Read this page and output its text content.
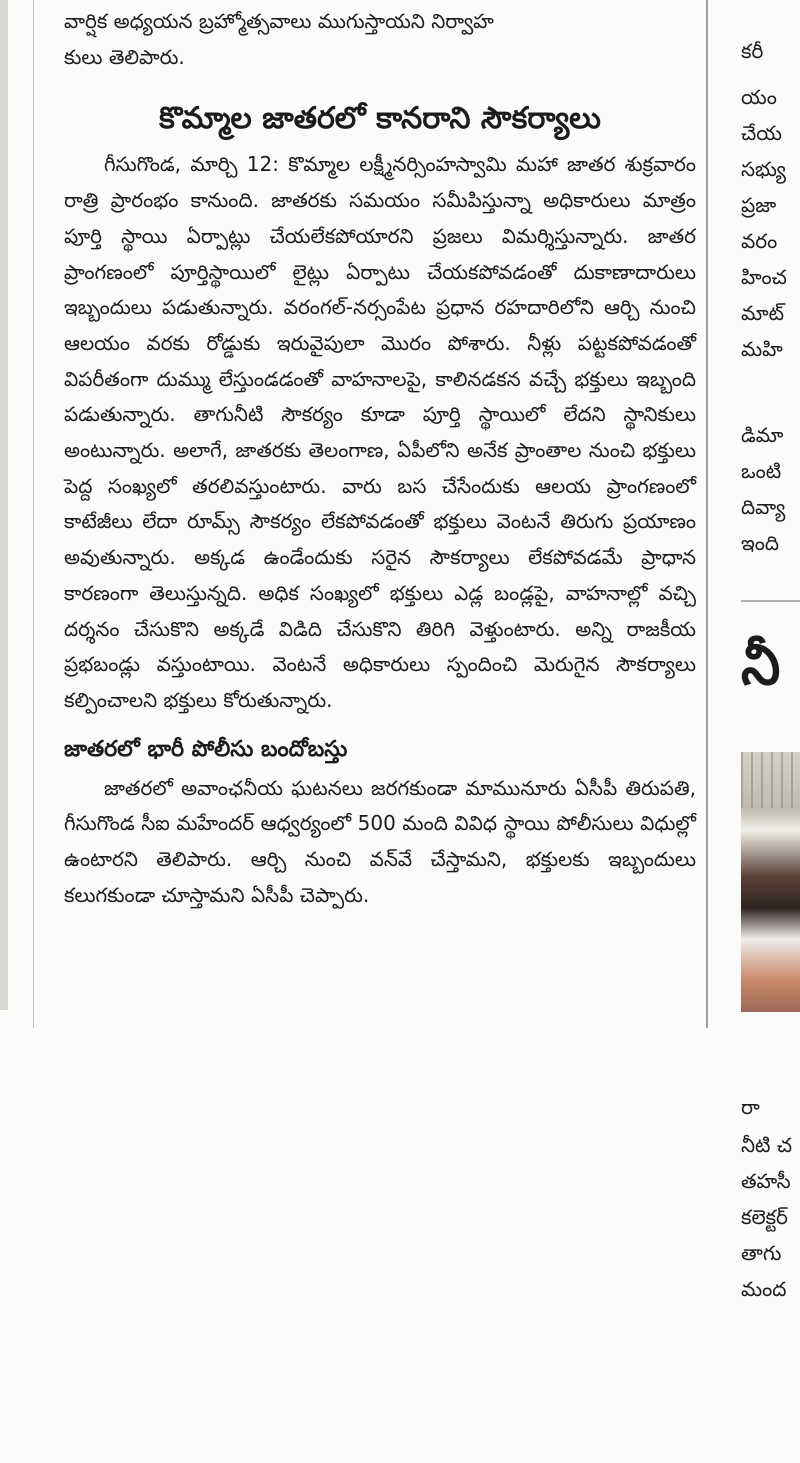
వార్షిక అధ్యయన బ్రహ్మోత్సవాలు ముగుస్తాయని నిర్వాహ

కులు తెలిపారు.

కొమ్మాల జాతరలో కానరాని సౌకర్యాలు

గీసుగొండ, మార్చి 12: కొమ్మాల లక్ష్మీనర్సింహస్వామి మహా జాతర శుక్రవారం రాత్రి ప్రారంభం కానుంది. జాతరకు సమయం సమీపిస్తున్నా అధికారులు మాత్రం పూర్తి స్థాయి ఏర్పాట్లు చేయలేకపోయారని ప్రజలు విమర్శిస్తున్నారు. జాతర ప్రాంగణంలో పూర్తిస్థాయిలో లైట్లు ఏర్పాటు చేయకపోవడంతో దుకాణాదారులు ఇబ్బందులు పడుతున్నారు. వరంగల్-నర్సంపేట ప్రధాన రహదారిలోని ఆర్చి నుంచి ఆలయం వరకు రోడ్డుకు ఇరువైపులా మొరం పోశారు. నీళ్లు పట్టకపోవడంతో విపరీతంగా దుమ్ము లేస్తుండడంతో వాహనాలపై, కాలినడకన వచ్చే భక్తులు ఇబ్బంది పడుతున్నారు. తాగునీటి సౌకర్యం కూడా పూర్తి స్థాయిలో లేదని స్థానికులు అంటున్నారు. అలాగే, జాతరకు తెలంగాణ, ఏపీలోని అనేక ప్రాంతాల నుంచి భక్తులు పెద్ద సంఖ్యలో తరలివస్తుంటారు. వారు బస చేసేందుకు ఆలయ ప్రాంగణంలో కాటేజీలు లేదా రూమ్స్ సౌకర్యం లేకపోవడంతో భక్తులు వెంటనే తిరుగు ప్రయాణం అవుతున్నారు. అక్కడ ఉండేందుకు సరైన సౌకర్యాలు లేకపోవడమే ప్రాధాన కారణంగా తెలుస్తున్నది. అధిక సంఖ్యలో భక్తులు ఎడ్ల బండ్లపై, వాహనాల్లో వచ్చి దర్శనం చేసుకొని అక్కడే విడిది చేసుకొని తిరిగి వెళ్తుంటారు. అన్ని రాజకీయ ప్రభబండ్లు వస్తుంటాయి. వెంటనే అధికారులు స్పందించి మెరుగైన సౌకర్యాలు కల్పించాలని భక్తులు కోరుతున్నారు.

జాతరలో భారీ పోలీసు బందోబస్తు

జాతరలో అవాంఛనీయ ఘటనలు జరగకుండా మామునూరు ఏసీపీ తిరుపతి, గీసుగొండ సీఐ మహేందర్ ఆధ్వర్యంలో 500 మంది వివిధ స్థాయి పోలీసులు విధుల్లో ఉంటారని తెలిపారు. ఆర్చి నుంచి వన్‌వే చేస్తామని, భక్తులకు ఇబ్బందులు కలుగకుండా చూస్తామని ఏసీపీ చెప్పారు.

కరీ
యం
చేయ
సభ్యు
ప్రజా
వరం
హించ
మాట్
మహి
డిమా
ఒంటి
దివ్యా
ఇంది
నీ
రా
నీటి చ
తహసీ
కలెక్టర్
తాగు
మంద
